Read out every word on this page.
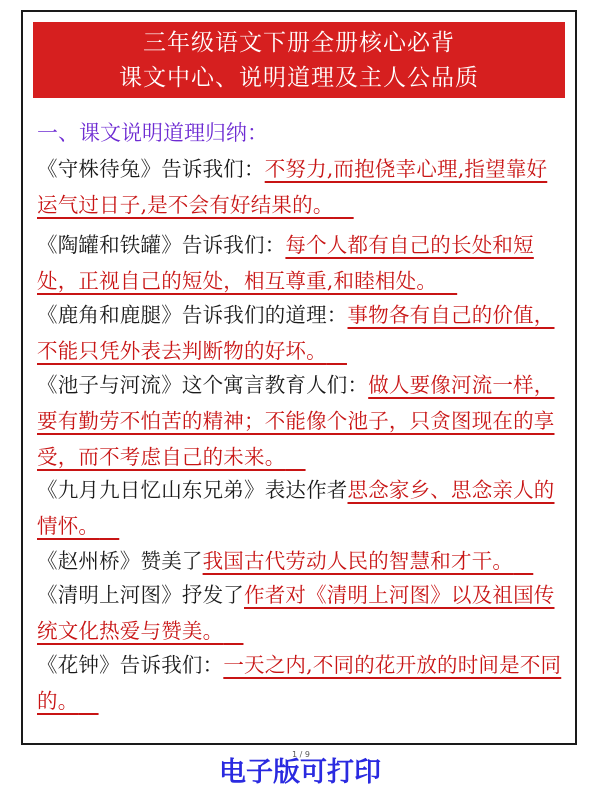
三年级语文下册全册核心必背
课文中心、说明道理及主人公品质
一、课文说明道理归纳：
《守株待兔》告诉我们：不努力,而抱侥幸心理,指望靠好运气过日子,是不会有好结果的。
《陶罐和铁罐》告诉我们：每个人都有自己的长处和短处，正视自己的短处，相互尊重,和睦相处。
《鹿角和鹿腿》告诉我们的道理：事物各有自己的价值，不能只凭外表去判断物的好坏。
《池子与河流》这个寓言教育人们：做人要像河流一样，要有勤劳不怕苦的精神；不能像个池子，只贪图现在的享受，而不考虑自己的未来。
《九月九日忆山东兄弟》表达作者思念家乡、思念亲人的情怀。
《赵州桥》赞美了我国古代劳动人民的智慧和才干。
《清明上河图》抒发了作者对《清明上河图》以及祖国传统文化热爱与赞美。
《花钟》告诉我们：一天之内,不同的花开放的时间是不同的。
1 / 9
电子版可打印
